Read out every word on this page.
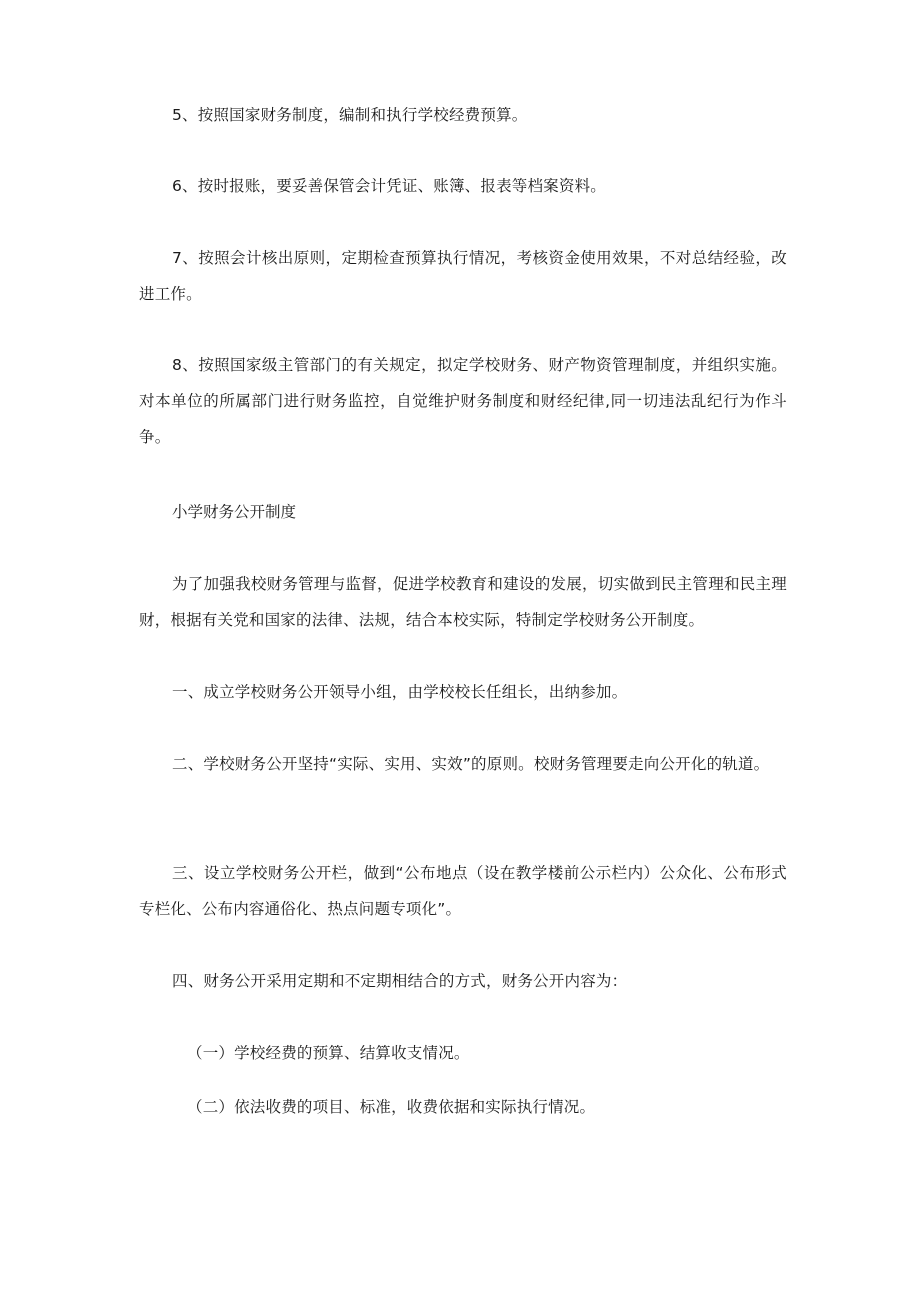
5、按照国家财务制度，编制和执行学校经费预算。

6、按时报账，要妥善保管会计凭证、账簿、报表等档案资料。

7、按照会计核出原则，定期检查预算执行情况，考核资金使用效果，不对总结经验，改进工作。

8、按照国家级主管部门的有关规定，拟定学校财务、财产物资管理制度，并组织实施。对本单位的所属部门进行财务监控，自觉维护财务制度和财经纪律,同一切违法乱纪行为作斗争。

小学财务公开制度

为了加强我校财务管理与监督，促进学校教育和建设的发展，切实做到民主管理和民主理财，根据有关党和国家的法律、法规，结合本校实际，特制定学校财务公开制度。

一、成立学校财务公开领导小组，由学校校长任组长，出纳参加。

二、学校财务公开坚持“实际、实用、实效”的原则。校财务管理要走向公开化的轨道。

三、设立学校财务公开栏，做到“公布地点（设在教学楼前公示栏内）公众化、公布形式专栏化、公布内容通俗化、热点问题专项化”。

四、财务公开采用定期和不定期相结合的方式，财务公开内容为：

（一）学校经费的预算、结算收支情况。

（二）依法收费的项目、标准，收费依据和实际执行情况。
